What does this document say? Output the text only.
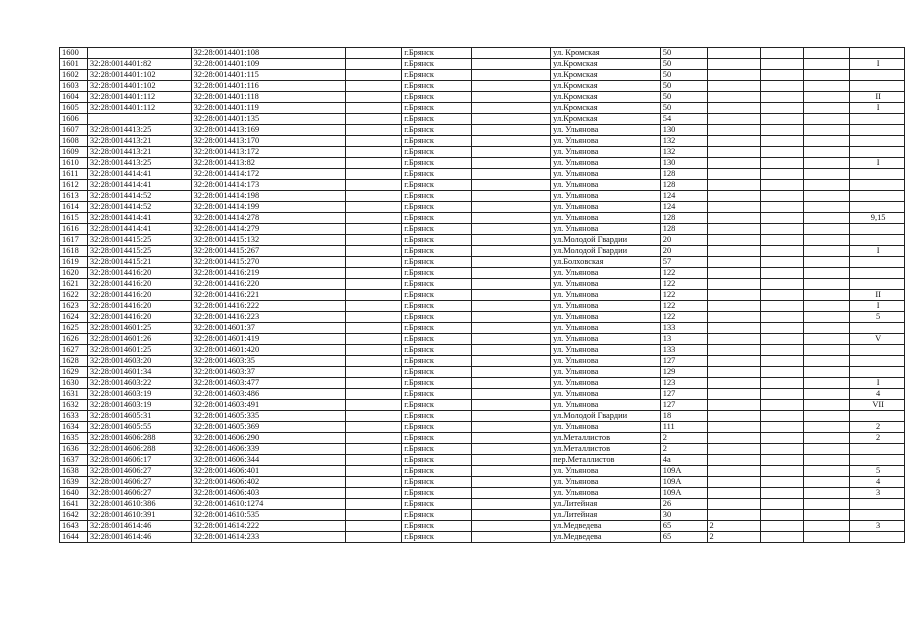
1600		32:28:0014401:108		г.Брянск		ул. Кромская	50				
1601	32:28:0014401:82	32:28:0014401:109		г.Брянск		ул.Кромская	50				I
1602	32:28:0014401:102	32:28:0014401:115		г.Брянск		ул.Кромская	50				
1603	32:28:0014401:102	32:28:0014401:116		г.Брянск		ул.Кромская	50				
1604	32:28:0014401:112	32:28:0014401:118		г.Брянск		ул.Кромская	50				II
1605	32:28:0014401:112	32:28:0014401:119		г.Брянск		ул.Кромская	50				I
1606		32:28:0014401:135		г.Брянск		ул.Кромская	54				
1607	32:28:0014413:25	32:28:0014413:169		г.Брянск		ул. Ульянова	130				
1608	32:28:0014413:21	32:28:0014413:170		г.Брянск		ул. Ульянова	132				
1609	32:28:0014413:21	32:28:0014413:172		г.Брянск		ул. Ульянова	132				
1610	32:28:0014413:25	32:28:0014413:82		г.Брянск		ул. Ульянова	130				I
1611	32:28:0014414:41	32:28:0014414:172		г.Брянск		ул. Ульянова	128				
1612	32:28:0014414:41	32:28:0014414:173		г.Брянск		ул. Ульянова	128				
1613	32:28:0014414:52	32:28:0014414:198		г.Брянск		ул. Ульянова	124				
1614	32:28:0014414:52	32:28:0014414:199		г.Брянск		ул. Ульянова	124				
1615	32:28:0014414:41	32:28:0014414:278		г.Брянск		ул. Ульянова	128				9,15
1616	32:28:0014414:41	32:28:0014414:279		г.Брянск		ул. Ульянова	128				
1617	32:28:0014415:25	32:28:0014415:132		г.Брянск		ул.Молодой Гвардии	20				
1618	32:28:0014415:25	32:28:0014415:267		г.Брянск		ул.Молодой Гвардии	20				I
1619	32:28:0014415:21	32:28:0014415:270		г.Брянск		ул.Болховская	57				
1620	32:28:0014416:20	32:28:0014416:219		г.Брянск		ул. Ульянова	122				
1621	32:28:0014416:20	32:28:0014416:220		г.Брянск		ул. Ульянова	122				
1622	32:28:0014416:20	32:28:0014416:221		г.Брянск		ул. Ульянова	122				II
1623	32:28:0014416:20	32:28:0014416:222		г.Брянск		ул. Ульянова	122				I
1624	32:28:0014416:20	32:28:0014416:223		г.Брянск		ул. Ульянова	122				5
1625	32:28:0014601:25	32:28:0014601:37		г.Брянск		ул. Ульянова	133				
1626	32:28:0014601:26	32:28:0014601:419		г.Брянск		ул. Ульянова	13				V
1627	32:28:0014601:25	32:28:0014601:420		г.Брянск		ул. Ульянова	133				
1628	32:28:0014603:20	32:28:0014603:35		г.Брянск		ул. Ульянова	127				
1629	32:28:0014601:34	32:28:0014603:37		г.Брянск		ул. Ульянова	129				
1630	32:28:0014603:22	32:28:0014603:477		г.Брянск		ул. Ульянова	123				I
1631	32:28:0014603:19	32:28:0014603:486		г.Брянск		ул. Ульянова	127				4
1632	32:28:0014603:19	32:28:0014603:491		г.Брянск		ул. Ульянова	127				VII
1633	32:28:0014605:31	32:28:0014605:335		г.Брянск		ул.Молодой Гвардии	18				
1634	32:28:0014605:55	32:28:0014605:369		г.Брянск		ул. Ульянова	111				2
1635	32:28:0014606:288	32:28:0014606:290		г.Брянск		ул.Металлистов	2				2
1636	32:28:0014606:288	32:28:0014606:339		г.Брянск		ул.Металлистов	2				
1637	32:28:0014606:17	32:28:0014606:344		г.Брянск		пер.Металлистов	4а				
1638	32:28:0014606:27	32:28:0014606:401		г.Брянск		ул. Ульянова	109А				5
1639	32:28:0014606:27	32:28:0014606:402		г.Брянск		ул. Ульянова	109А				4
1640	32:28:0014606:27	32:28:0014606:403		г.Брянск		ул. Ульянова	109А				3
1641	32:28:0014610:386	32:28:0014610:1274		г.Брянск		ул.Литейная	26				
1642	32:28:0014610:391	32:28:0014610:535		г.Брянск		ул.Литейная	30				
1643	32:28:0014614:46	32:28:0014614:222		г.Брянск		ул.Медведева	65	2			3
1644	32:28:0014614:46	32:28:0014614:233		г.Брянск		ул.Медведева	65	2			
